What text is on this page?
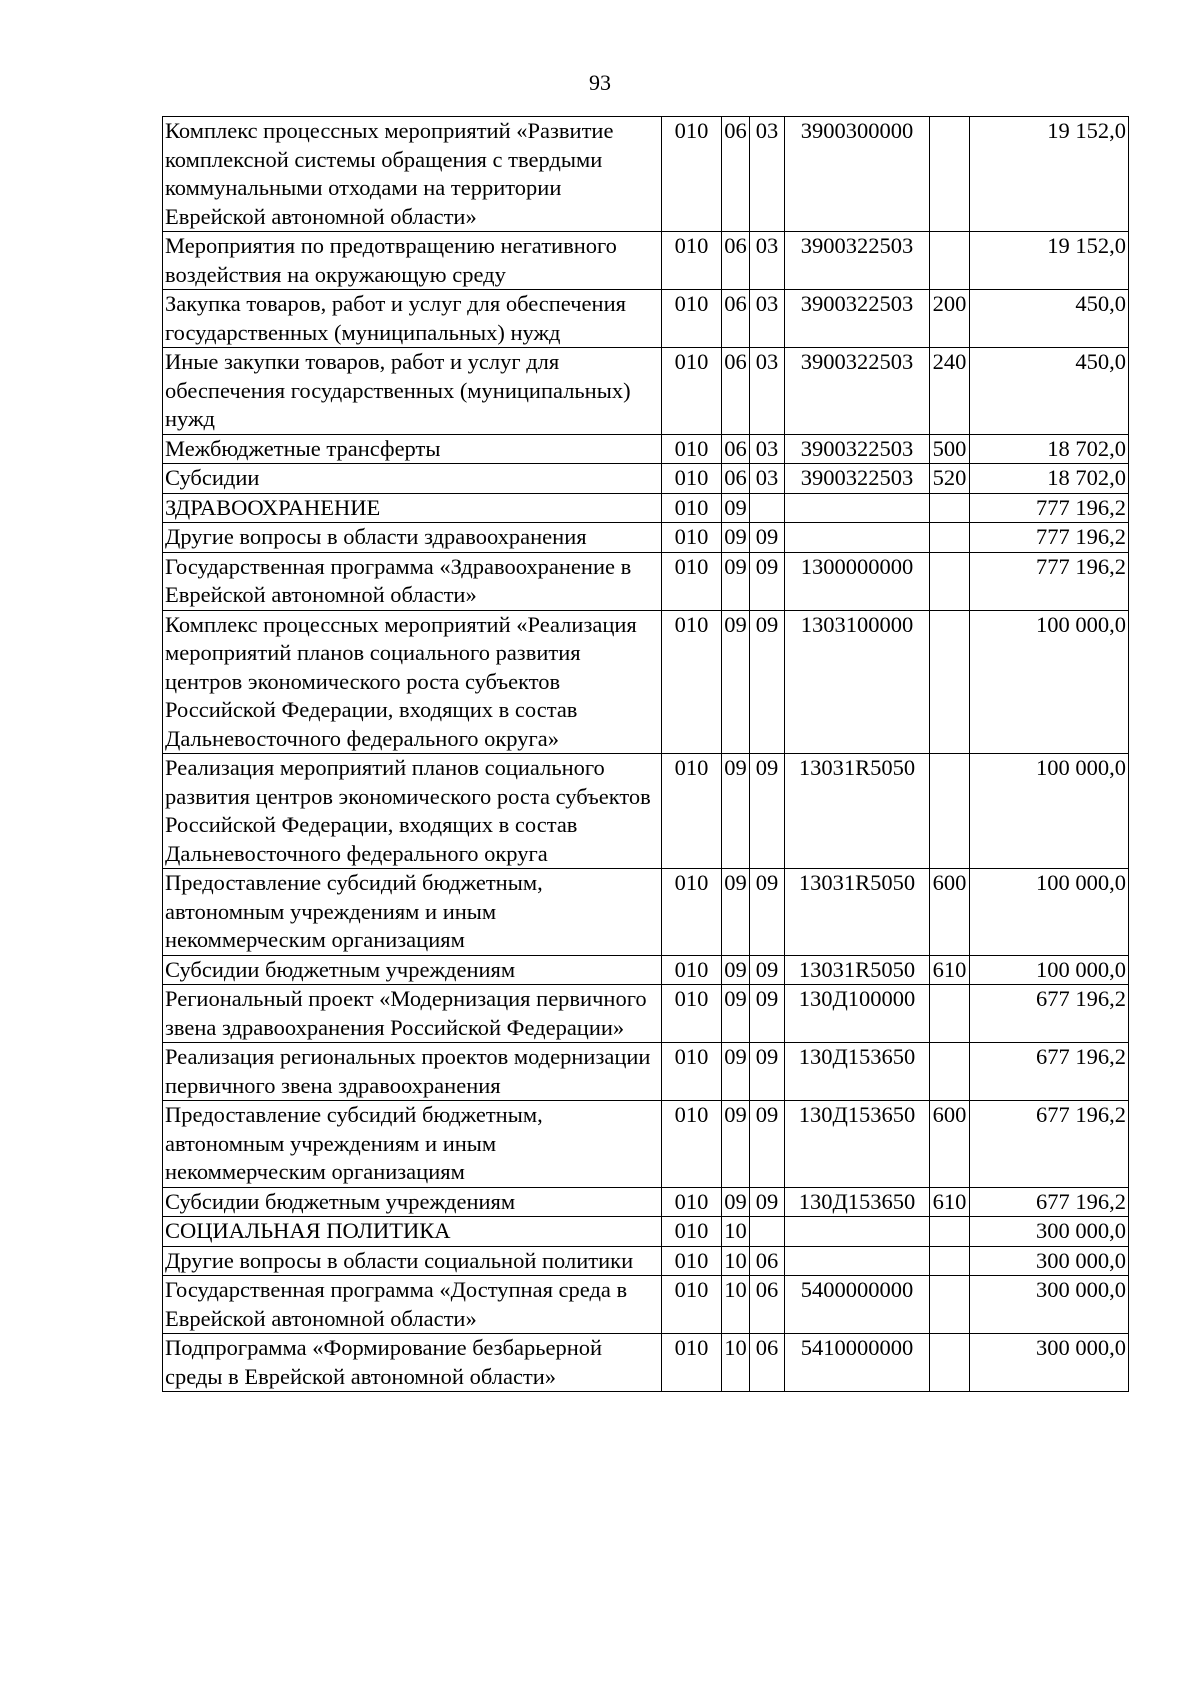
93
Комплекс процессных мероприятий «Развитие комплексной системы обращения с твердыми коммунальными отходами на территории Еврейской автономной области»	010	06	03	3900300000		19 152,0
Мероприятия по предотвращению негативного воздействия на окружающую среду	010	06	03	3900322503		19 152,0
Закупка товаров, работ и услуг для обеспечения государственных (муниципальных) нужд	010	06	03	3900322503	200	450,0
Иные закупки товаров, работ и услуг для обеспечения государственных (муниципальных) нужд	010	06	03	3900322503	240	450,0
Межбюджетные трансферты	010	06	03	3900322503	500	18 702,0
Субсидии	010	06	03	3900322503	520	18 702,0
ЗДРАВООХРАНЕНИЕ	010	09				777 196,2
Другие вопросы в области здравоохранения	010	09	09			777 196,2
Государственная программа «Здравоохранение в Еврейской автономной области»	010	09	09	1300000000		777 196,2
Комплекс процессных мероприятий «Реализация мероприятий планов социального развития центров экономического роста субъектов Российской Федерации, входящих в состав Дальневосточного федерального округа»	010	09	09	1303100000		100 000,0
Реализация мероприятий планов социального развития центров экономического роста субъектов Российской Федерации, входящих в состав Дальневосточного федерального округа	010	09	09	13031R5050		100 000,0
Предоставление субсидий бюджетным, автономным учреждениям и иным некоммерческим организациям	010	09	09	13031R5050	600	100 000,0
Субсидии бюджетным учреждениям	010	09	09	13031R5050	610	100 000,0
Региональный проект «Модернизация первичного звена здравоохранения Российской Федерации»	010	09	09	130Д100000		677 196,2
Реализация региональных проектов модернизации первичного звена здравоохранения	010	09	09	130Д153650		677 196,2
Предоставление субсидий бюджетным, автономным учреждениям и иным некоммерческим организациям	010	09	09	130Д153650	600	677 196,2
Субсидии бюджетным учреждениям	010	09	09	130Д153650	610	677 196,2
СОЦИАЛЬНАЯ ПОЛИТИКА	010	10				300 000,0
Другие вопросы в области социальной политики	010	10	06			300 000,0
Государственная программа «Доступная среда в Еврейской автономной области»	010	10	06	5400000000		300 000,0
Подпрограмма «Формирование безбарьерной среды в Еврейской автономной области»	010	10	06	5410000000		300 000,0
